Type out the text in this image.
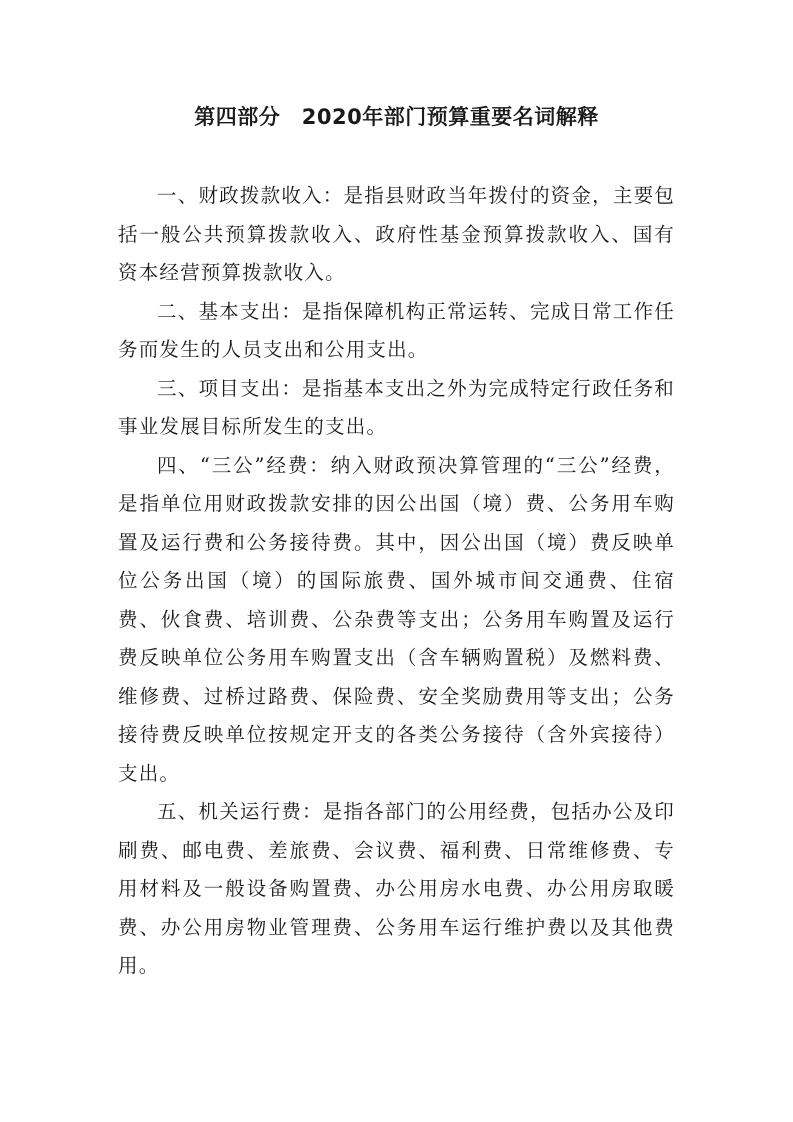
第四部分　2020年部门预算重要名词解释

一、财政拨款收入：是指县财政当年拨付的资金，主要包括一般公共预算拨款收入、政府性基金预算拨款收入、国有资本经营预算拨款收入。

二、基本支出：是指保障机构正常运转、完成日常工作任务而发生的人员支出和公用支出。

三、项目支出：是指基本支出之外为完成特定行政任务和事业发展目标所发生的支出。

四、“三公”经费：纳入财政预决算管理的“三公”经费，是指单位用财政拨款安排的因公出国（境）费、公务用车购置及运行费和公务接待费。其中，因公出国（境）费反映单位公务出国（境）的国际旅费、国外城市间交通费、住宿费、伙食费、培训费、公杂费等支出；公务用车购置及运行费反映单位公务用车购置支出（含车辆购置税）及燃料费、维修费、过桥过路费、保险费、安全奖励费用等支出；公务接待费反映单位按规定开支的各类公务接待（含外宾接待）支出。

五、机关运行费：是指各部门的公用经费，包括办公及印刷费、邮电费、差旅费、会议费、福利费、日常维修费、专用材料及一般设备购置费、办公用房水电费、办公用房取暖费、办公用房物业管理费、公务用车运行维护费以及其他费用。
